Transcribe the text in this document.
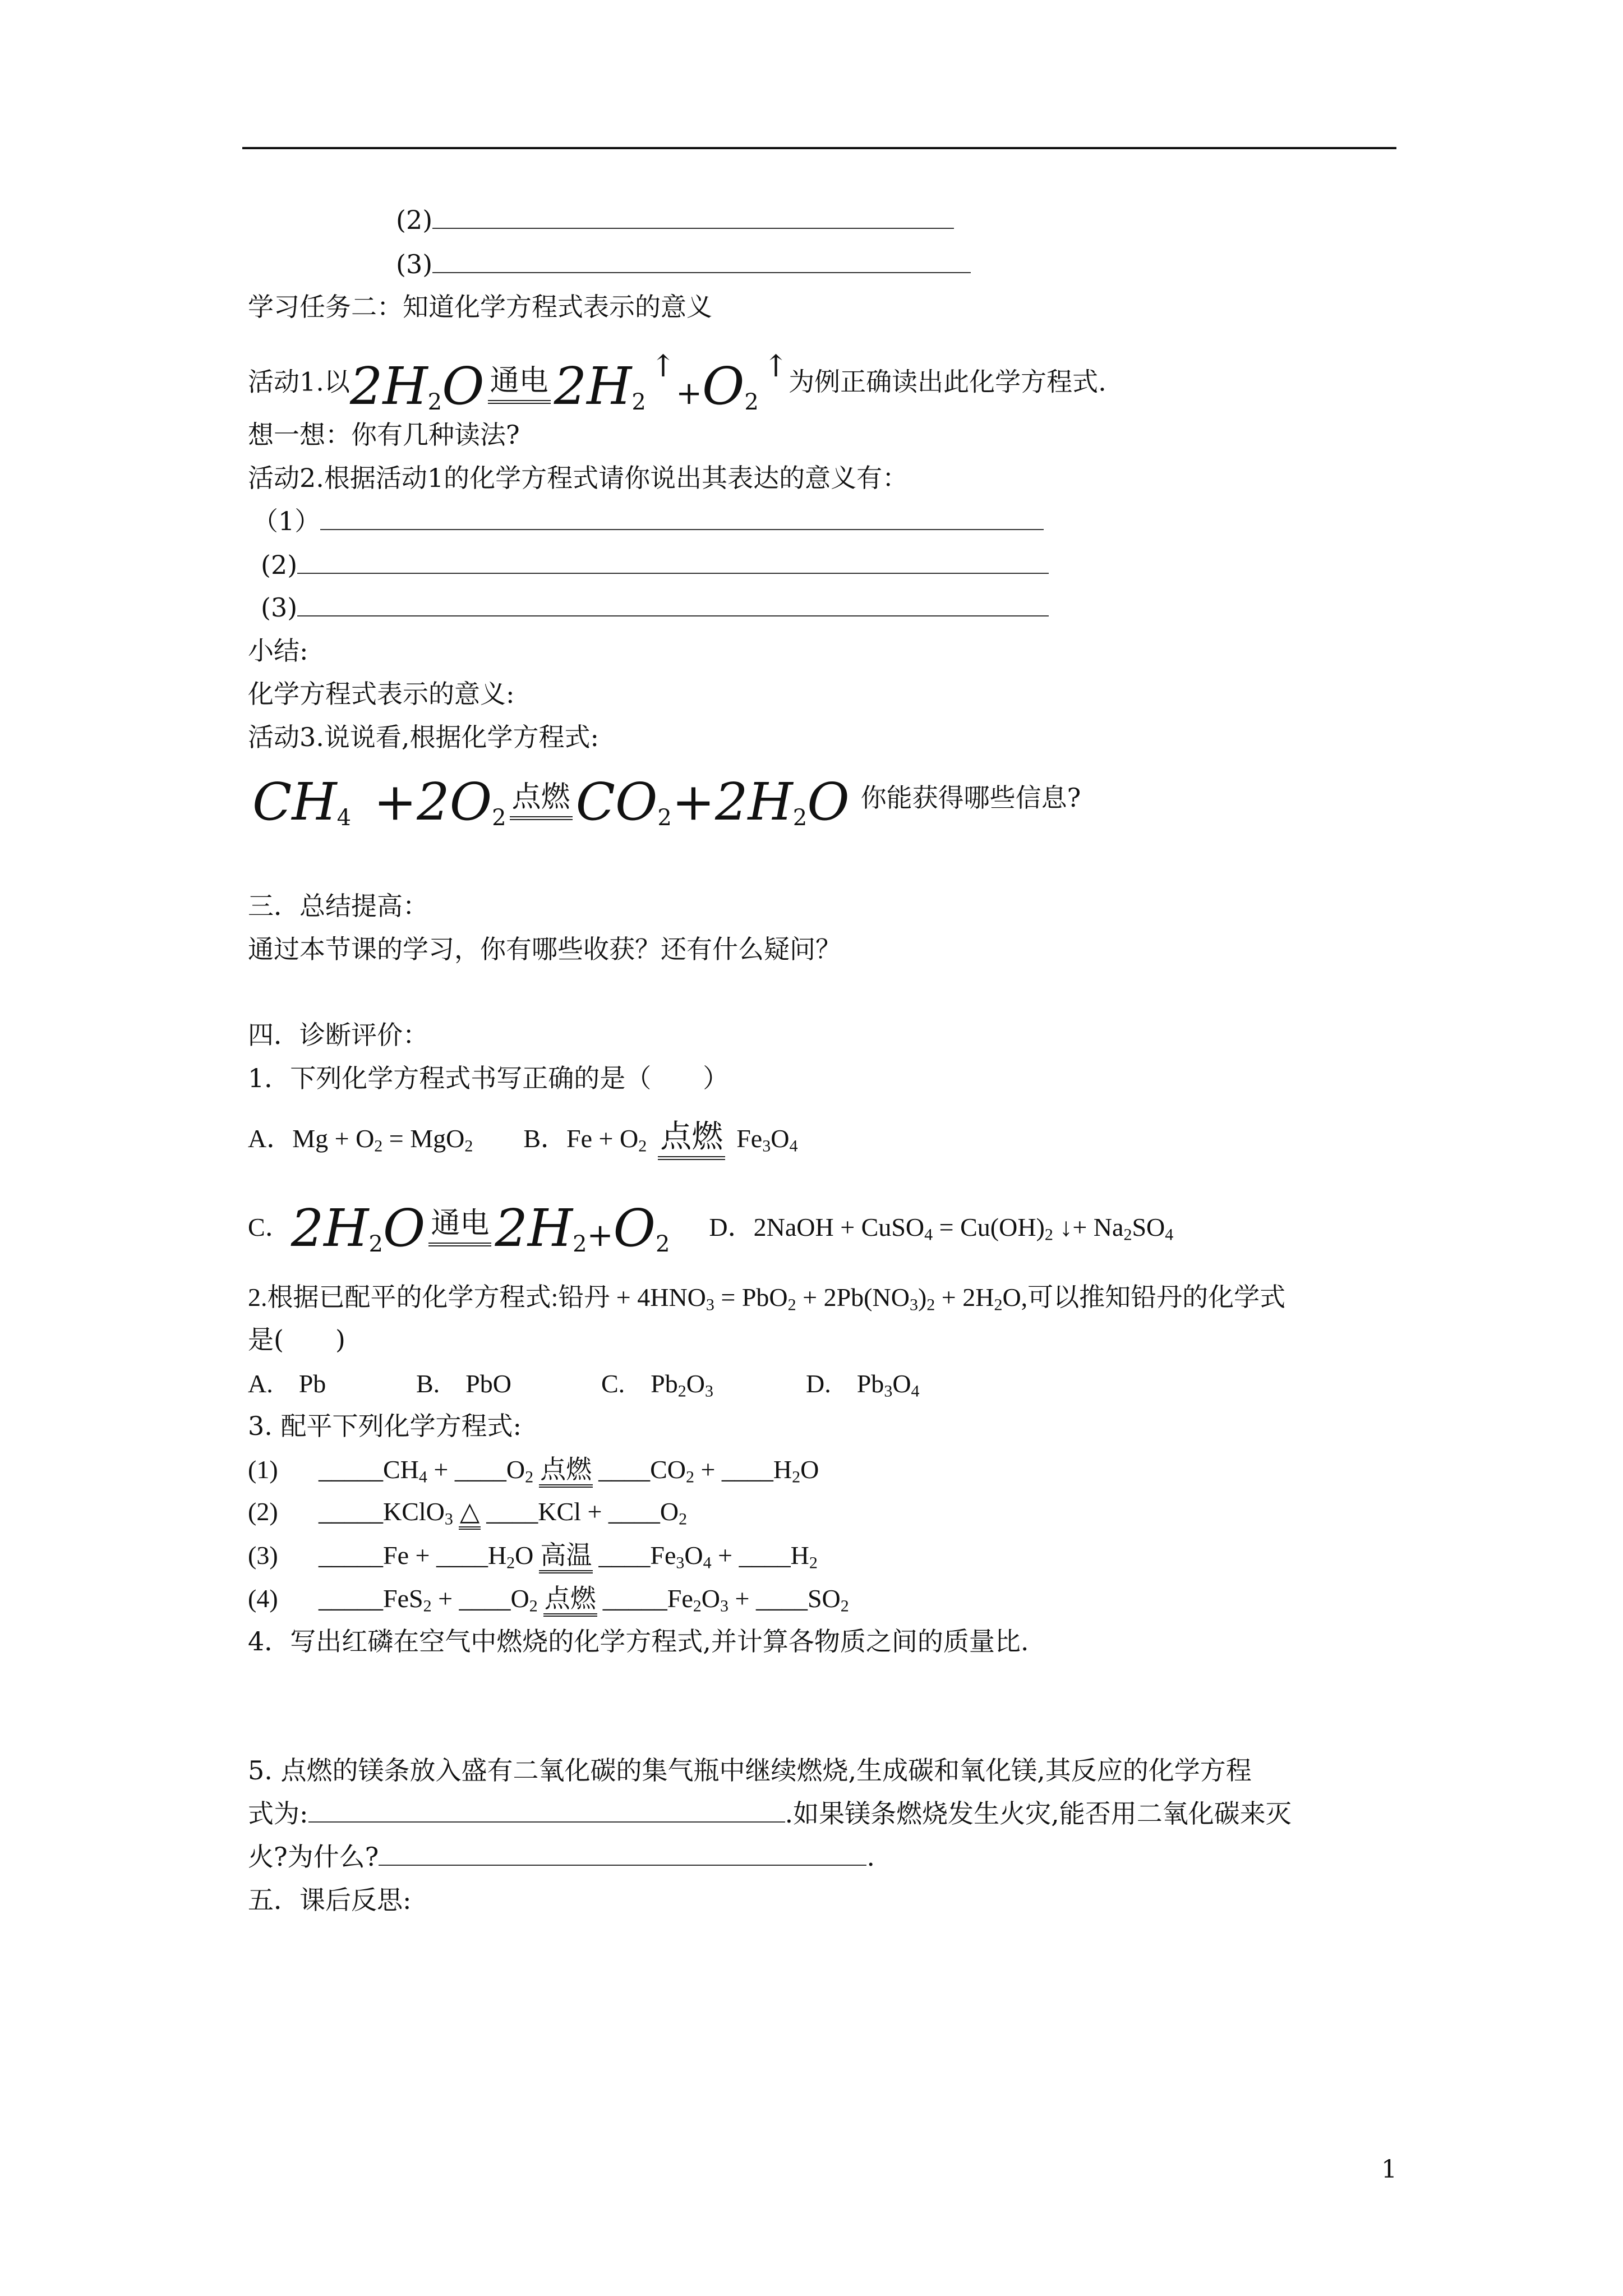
(2)
(3)
学习任务二：知道化学方程式表示的意义
活动1.以$2H_2O$ 通电 $2H_2^↑+O_2^↑$为例正确读出此化学方程式.
想一想：你有几种读法?
活动2.根据活动1的化学方程式请你说出其表达的意义有：
（1）
(2)
(3)
小结:
化学方程式表示的意义:
活动3.说说看,根据化学方程式:
$CH_4 +2O_2$点燃 $CO_2+2H_2O$ 你能获得哪些信息?
三．总结提高：
通过本节课的学习，你有哪些收获？还有什么疑问？
四．诊断评价：
1．下列化学方程式书写正确的是（　　）
A．$Mg + O_2 = MgO_2$ B．$Fe + O_2$ 点燃 $Fe_3O_4$
C．$2H_2O$ 通电 $2H_2+O_2D$．2NaOH + CuSO$_4$ = $Cu(OH)_2$ ↓+ $Na_2SO_4$
2.根据已配平的化学方程式:铅丹 + $4HNO_3 = PbO_2 + 2Pb(NO_3)_2 + 2H_2O$,可以推知铅丹的化学式
是(　　)
A.　Pb	B.　PbO	C.　$Pb_2O_3$	D.　$Pb_3O_4$
3. 配平下列化学方程式:
(1) $\_\_\_\_\_CH_4$ + $\_\_\_\_O_2$ 点燃 $\_\_\_\_CO_2$ + $\_\_\_\_H_2O$
(2) _____KClO$_3$ △ ____KCl + $\_\_\_\_O_2$
(3) _____Fe + $\_\_\_\_H_2O$ 高温 $\_\_\_\_Fe_3O_4$ + $\_\_\_\_H_2$
(4) _____FeS$_2$ + $\_\_\_\_O_2$ 点燃 $\_\_\_\_\_Fe_2O_3$ + $\_\_\_\_SO_2$
4．写出红磷在空气中燃烧的化学方程式,并计算各物质之间的质量比.
5. 点燃的镁条放入盛有二氧化碳的集气瓶中继续燃烧,生成碳和氧化镁,其反应的化学方程
式为:	.如果镁条燃烧发生火灾,能否用二氧化碳来灭
火?为什么?	.
五．课后反思:
1
